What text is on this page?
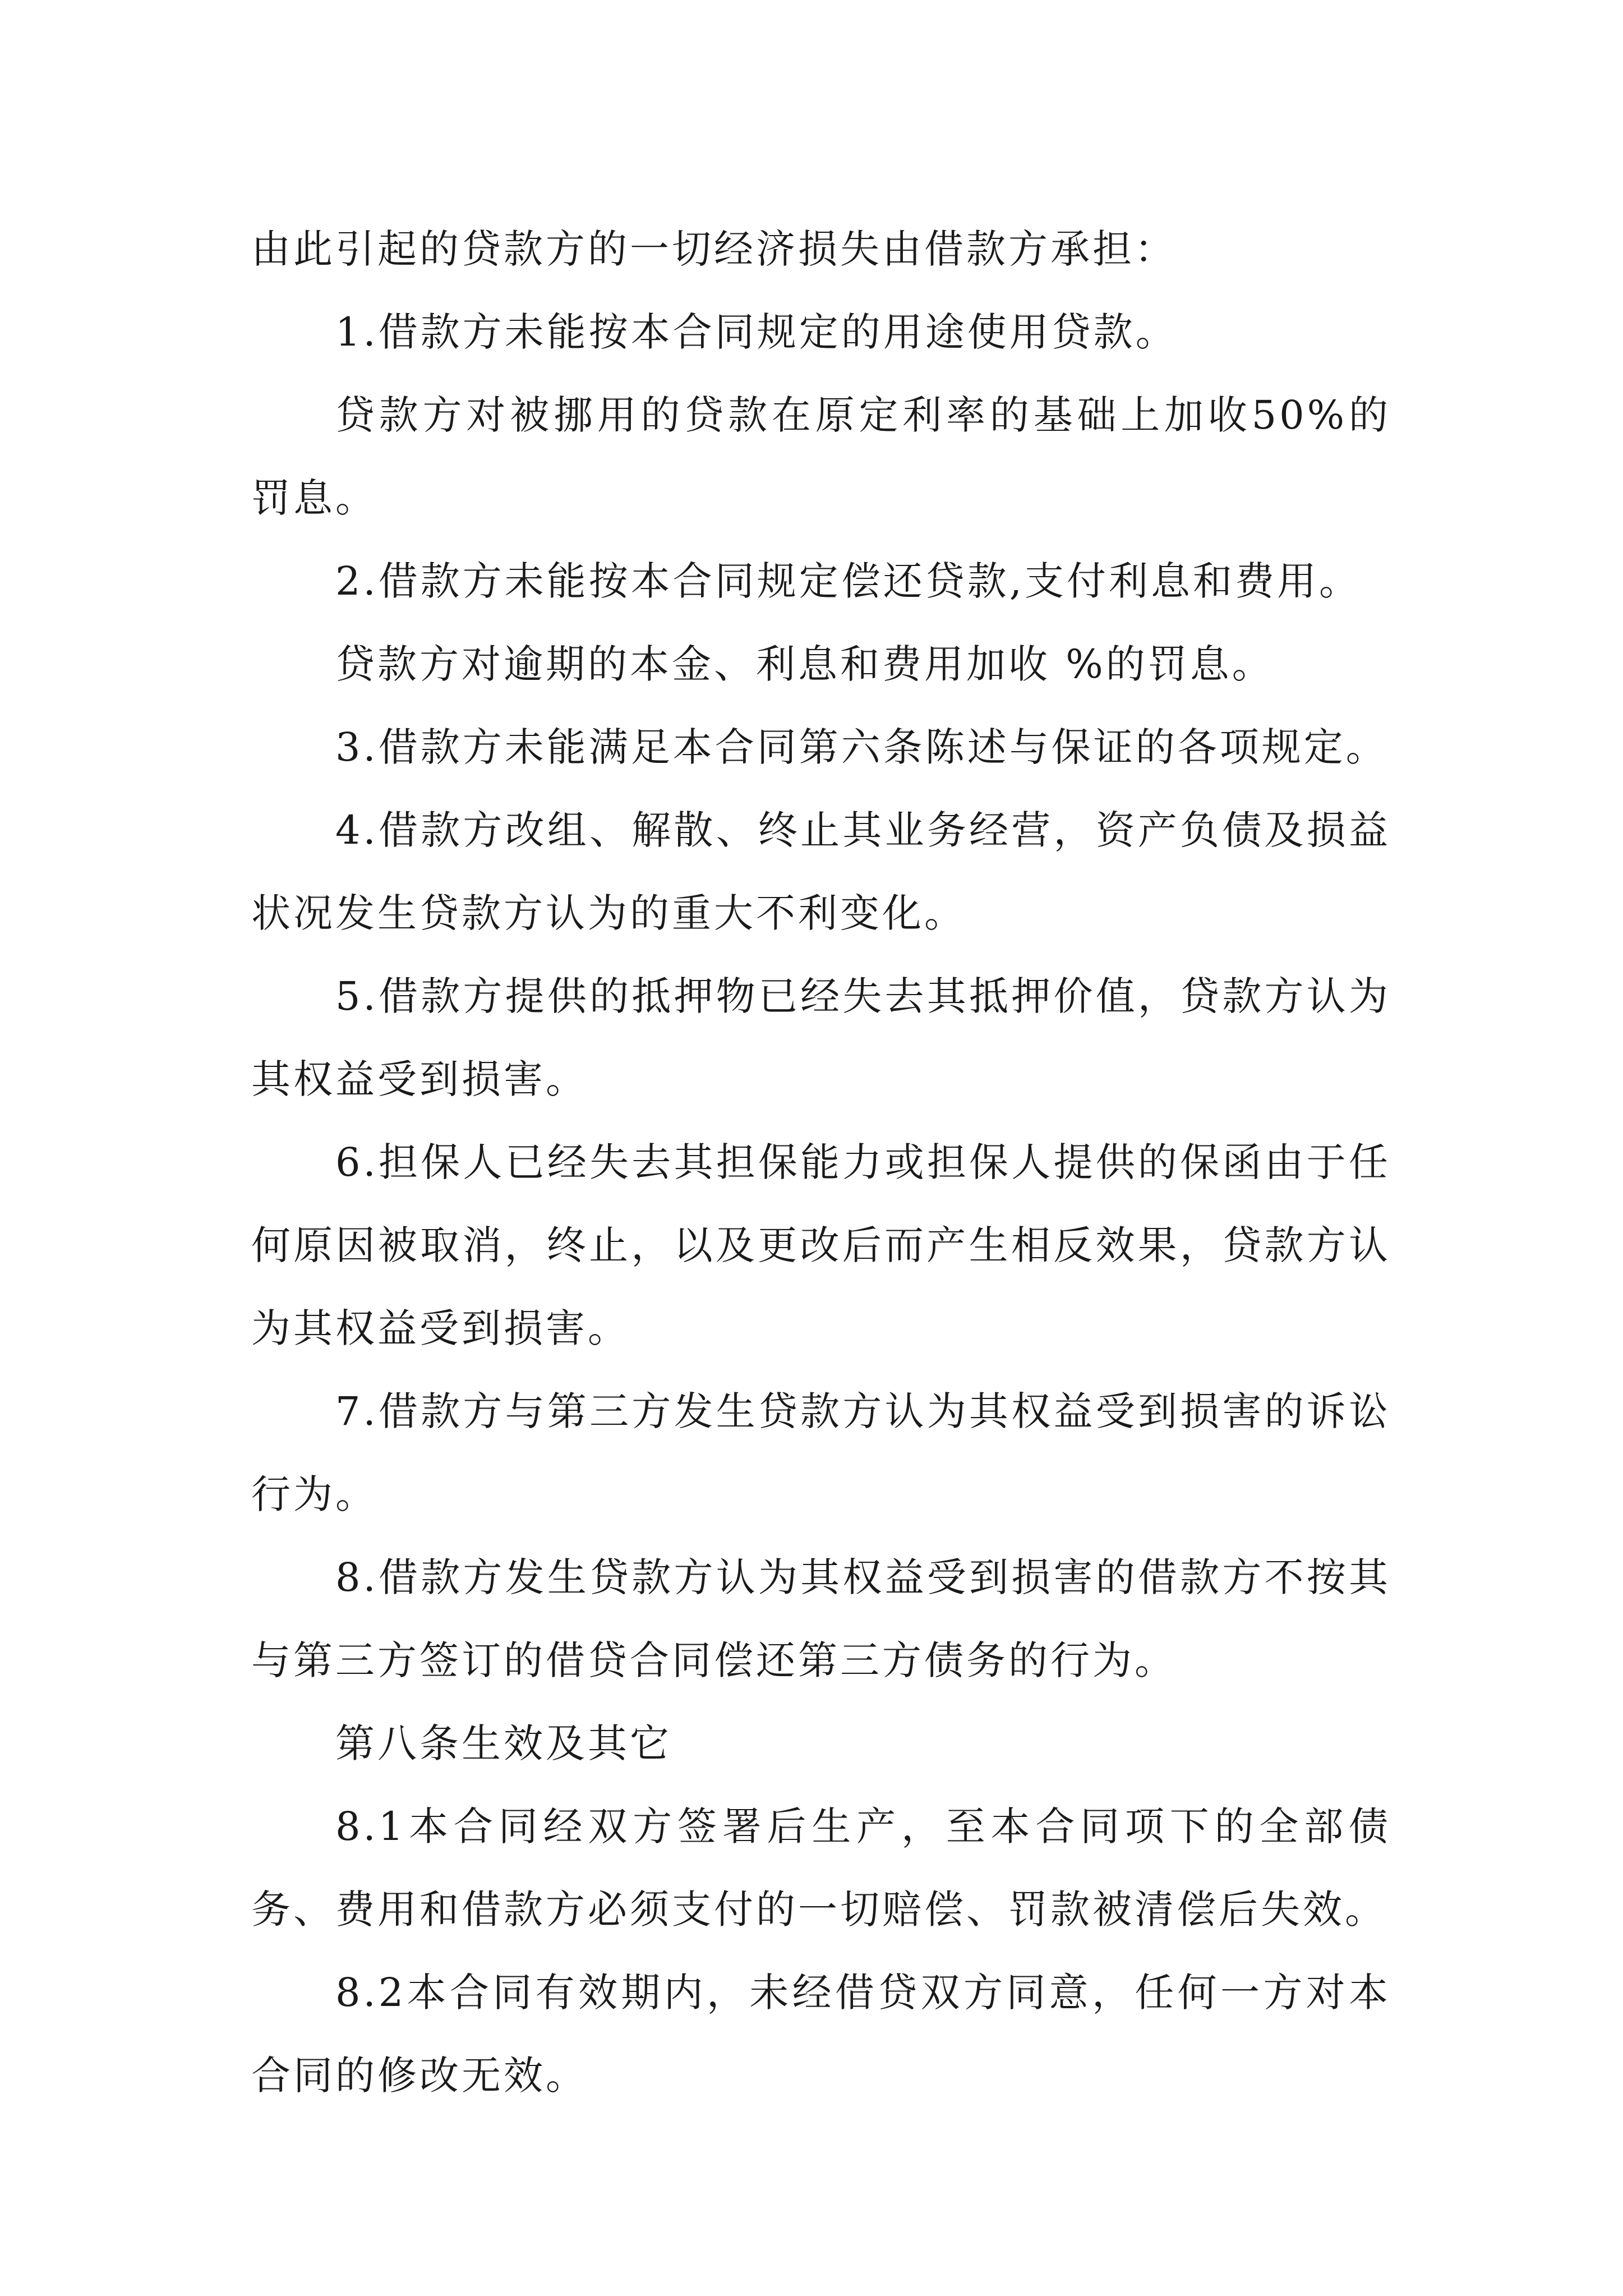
由此引起的贷款方的一切经济损失由借款方承担：

1.借款方未能按本合同规定的用途使用贷款。

贷款方对被挪用的贷款在原定利率的基础上加收50%的罚息。

2.借款方未能按本合同规定偿还贷款,支付利息和费用。

贷款方对逾期的本金、利息和费用加收 %的罚息。

3.借款方未能满足本合同第六条陈述与保证的各项规定。

4.借款方改组、解散、终止其业务经营，资产负债及损益状况发生贷款方认为的重大不利变化。

5.借款方提供的抵押物已经失去其抵押价值，贷款方认为其权益受到损害。

6.担保人已经失去其担保能力或担保人提供的保函由于任何原因被取消，终止，以及更改后而产生相反效果，贷款方认为其权益受到损害。

7.借款方与第三方发生贷款方认为其权益受到损害的诉讼行为。

8.借款方发生贷款方认为其权益受到损害的借款方不按其与第三方签订的借贷合同偿还第三方债务的行为。

第八条生效及其它

8.1本合同经双方签署后生产，至本合同项下的全部债务、费用和借款方必须支付的一切赔偿、罚款被清偿后失效。

8.2本合同有效期内，未经借贷双方同意，任何一方对本合同的修改无效。
